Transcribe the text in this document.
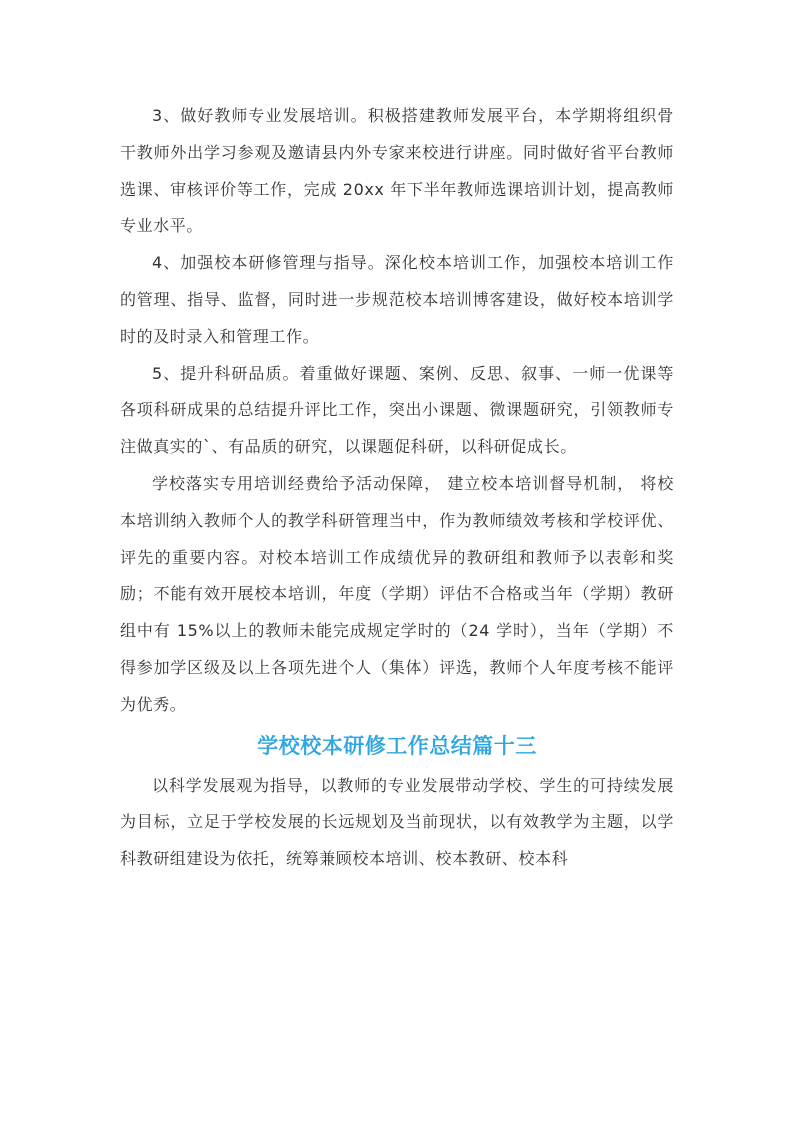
3、做好教师专业发展培训。积极搭建教师发展平台，本学期将组织骨干教师外出学习参观及邀请县内外专家来校进行讲座。同时做好省平台教师选课、审核评价等工作，完成 20xx 年下半年教师选课培训计划，提高教师专业水平。

4、加强校本研修管理与指导。深化校本培训工作，加强校本培训工作的管理、指导、监督，同时进一步规范校本培训博客建设，做好校本培训学时的及时录入和管理工作。

5、提升科研品质。着重做好课题、案例、反思、叙事、一师一优课等各项科研成果的总结提升评比工作，突出小课题、微课题研究，引领教师专注做真实的`、有品质的研究，以课题促科研，以科研促成长。

学校落实专用培训经费给予活动保障， 建立校本培训督导机制， 将校本培训纳入教师个人的教学科研管理当中，作为教师绩效考核和学校评优、评先的重要内容。对校本培训工作成绩优异的教研组和教师予以表彰和奖励；不能有效开展校本培训，年度（学期）评估不合格或当年（学期）教研组中有 15%以上的教师未能完成规定学时的（24 学时），当年（学期）不得参加学区级及以上各项先进个人（集体）评选，教师个人年度考核不能评为优秀。

学校校本研修工作总结篇十三

以科学发展观为指导，以教师的专业发展带动学校、学生的可持续发展为目标，立足于学校发展的长远规划及当前现状，以有效教学为主题，以学科教研组建设为依托，统筹兼顾校本培训、校本教研、校本科
